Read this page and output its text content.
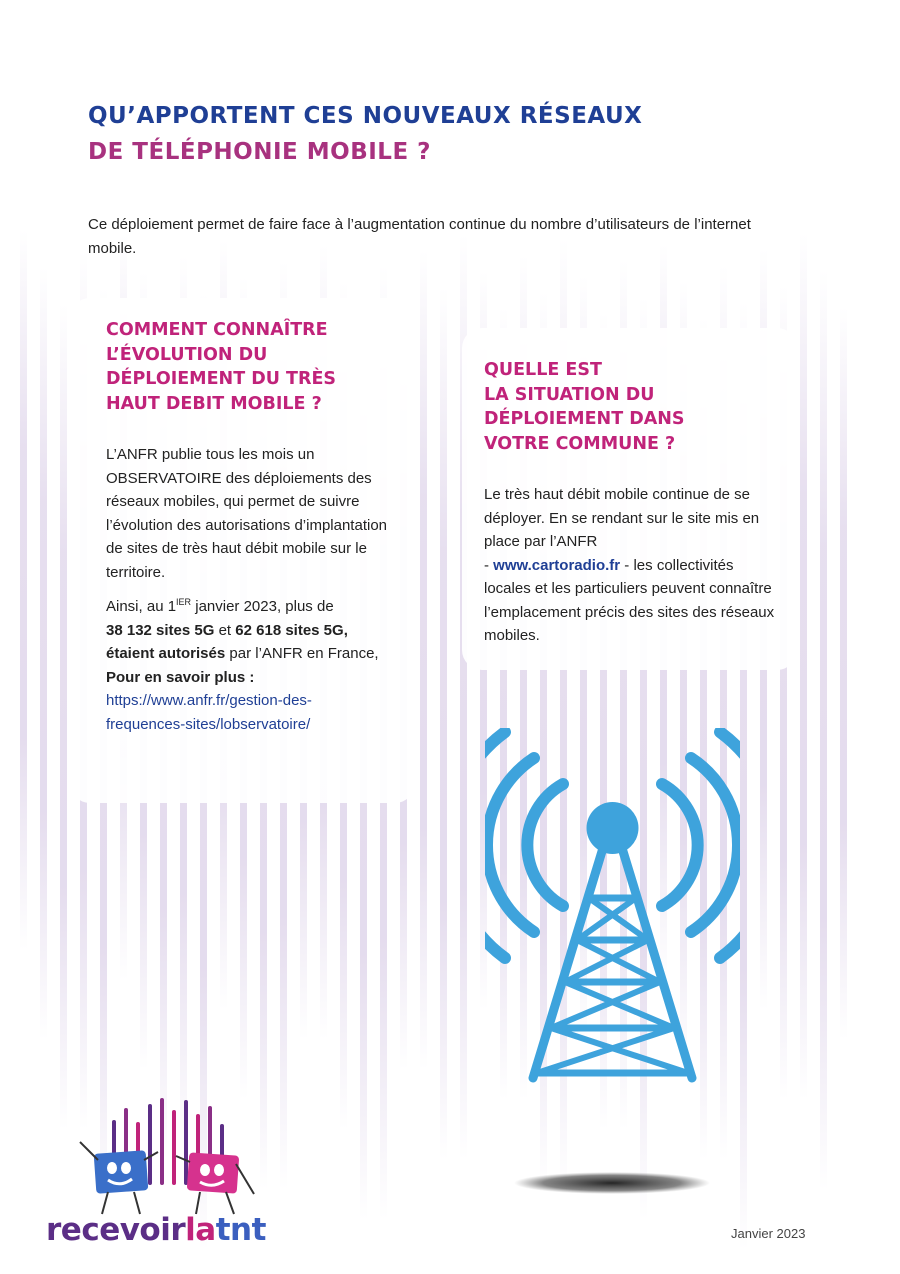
QU’APPORTENT CES NOUVEAUX RÉSEAUX
DE TÉLÉPHONIE MOBILE ?

Ce déploiement permet de faire face à l’augmentation continue du nombre d’utilisateurs de l’internet mobile.

COMMENT CONNAÎTRE
L’ÉVOLUTION DU
DÉPLOIEMENT DU TRÈS
HAUT DEBIT MOBILE ?

L’ANFR publie tous les mois un OBSERVATOIRE des déploiements des réseaux mobiles, qui permet de suivre l’évolution des autorisations d’implantation de sites de très haut débit mobile sur le territoire.

Ainsi, au $1^{IER}$ janvier 2023, plus de
38 132 sites 5G et 62 618 sites 5G,
étaient autorisés par l’ANFR en France,
Pour en savoir plus :
https://www.anfr.fr/gestion-des-
frequences-sites/lobservatoire/

QUELLE EST
LA SITUATION DU
DÉPLOIEMENT DANS
VOTRE COMMUNE ?

Le très haut débit mobile continue de se déployer. En se rendant sur le site mis en place par l’ANFR
- www.cartoradio.fr - les collectivités locales et les particuliers peuvent connaître l’emplacement précis des sites des réseaux mobiles.

recevoirlatnt	Janvier 2023
